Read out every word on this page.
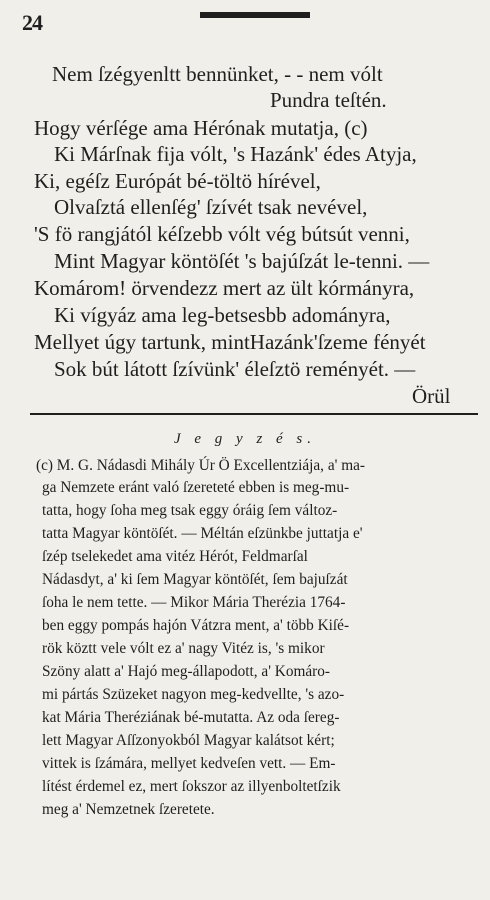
24
Nem ſzégyenltt bennünket, - - nem vólt
Pundra teſtén.
Hogy vérſége ama Hérónak mutatja, (c)
Ki Márſnak fija vólt, 's Hazánk' édes Atyja,
Ki, egéſz Európát bé-töltö hírével,
Olvaſztá ellenſég' ſzívét tsak nevével,
'S fö rangjától kéſzebb vólt vég bútsút venni,
Mint Magyar köntöſét 's bajúſzát le-tenni. —
Komárom! örvendezz mert az ült kórmányra,
Ki vígyáz ama leg-betsesbb adományra,
Mellyet úgy tartunk, mintHazánk'ſzeme fényét
Sok bút látott ſzívünk' éleſztö reményét. —
Örül
J e g y z é s.
(c) M. G. Nádasdi Mihály Úr Ö Excellentziája, a' ma-
ga Nemzete eránt való ſzereteté ebben is meg-mu-
tatta, hogy ſoha meg tsak eggy óráig ſem változ-
tatta Magyar köntöſét. — Méltán eſzünkbe juttatja e'
ſzép tselekedet ama vitéz Hérót, Feldmarſal
Nádasdyt, a' ki ſem Magyar köntöſét, ſem bajuſzát
ſoha le nem tette. — Mikor Mária Therézia 1764-
ben eggy pompás hajón Vátzra ment, a' több Kiſé-
rök köztt vele vólt ez a' nagy Vitéz is, 's mikor
Szöny alatt a' Hajó meg-állapodott, a' Komáro-
mi pártás Szüzeket nagyon meg-kedvellte, 's azo-
kat Mária Theréziának bé-mutatta. Az oda ſereg-
lett Magyar Aſſzonyokból Magyar kalátsot kért;
vittek is ſzámára, mellyet kedveſen vett. — Em-
lítést érdemel ez, mert ſokszor az illyenboltetſzik
meg a' Nemzetnek ſzeretete.
